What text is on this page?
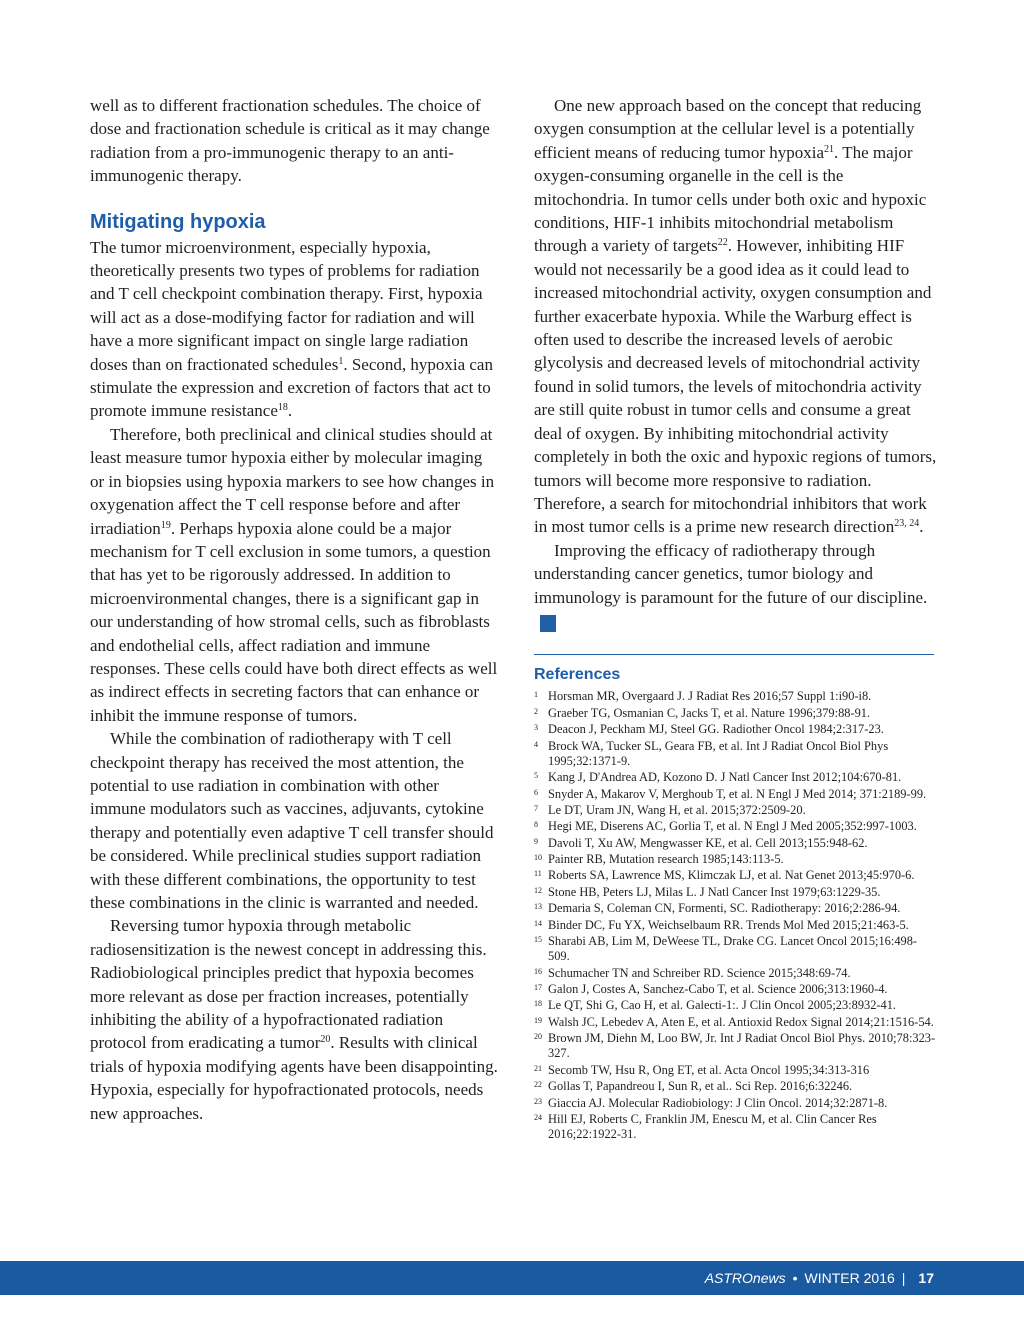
well as to different fractionation schedules. The choice of dose and fractionation schedule is critical as it may change radiation from a pro-immunogenic therapy to an anti-immunogenic therapy.

Mitigating hypoxia

The tumor microenvironment, especially hypoxia, theoretically presents two types of problems for radiation and T cell checkpoint combination therapy. First, hypoxia will act as a dose-modifying factor for radiation and will have a more significant impact on single large radiation doses than on fractionated schedules$^1$. Second, hypoxia can stimulate the expression and excretion of factors that act to promote immune resistance$^{18}$.

Therefore, both preclinical and clinical studies should at least measure tumor hypoxia either by molecular imaging or in biopsies using hypoxia markers to see how changes in oxygenation affect the T cell response before and after irradiation$^{19}$. Perhaps hypoxia alone could be a major mechanism for T cell exclusion in some tumors, a question that has yet to be rigorously addressed. In addition to microenvironmental changes, there is a significant gap in our understanding of how stromal cells, such as fibroblasts and endothelial cells, affect radiation and immune responses. These cells could have both direct effects as well as indirect effects in secreting factors that can enhance or inhibit the immune response of tumors.

While the combination of radiotherapy with T cell checkpoint therapy has received the most attention, the potential to use radiation in combination with other immune modulators such as vaccines, adjuvants, cytokine therapy and potentially even adaptive T cell transfer should be considered. While preclinical studies support radiation with these different combinations, the opportunity to test these combinations in the clinic is warranted and needed.

Reversing tumor hypoxia through metabolic radiosensitization is the newest concept in addressing this. Radiobiological principles predict that hypoxia becomes more relevant as dose per fraction increases, potentially inhibiting the ability of a hypofractionated radiation protocol from eradicating a tumor$^{20}$. Results with clinical trials of hypoxia modifying agents have been disappointing. Hypoxia, especially for hypofractionated protocols, needs new approaches.

One new approach based on the concept that reducing oxygen consumption at the cellular level is a potentially efficient means of reducing tumor hypoxia$^{21}$. The major oxygen-consuming organelle in the cell is the mitochondria. In tumor cells under both oxic and hypoxic conditions, HIF-1 inhibits mitochondrial metabolism through a variety of targets$^{22}$. However, inhibiting HIF would not necessarily be a good idea as it could lead to increased mitochondrial activity, oxygen consumption and further exacerbate hypoxia. While the Warburg effect is often used to describe the increased levels of aerobic glycolysis and decreased levels of mitochondrial activity found in solid tumors, the levels of mitochondria activity are still quite robust in tumor cells and consume a great deal of oxygen. By inhibiting mitochondrial activity completely in both the oxic and hypoxic regions of tumors, tumors will become more responsive to radiation. Therefore, a search for mitochondrial inhibitors that work in most tumor cells is a prime new research direction$^{23, 24}$.

Improving the efficacy of radiotherapy through understanding cancer genetics, tumor biology and immunology is paramount for the future of our discipline.A

References
1 Horsman MR, Overgaard J. J Radiat Res 2016;57 Suppl 1:i90-i8.
2 Graeber TG, Osmanian C, Jacks T, et al. Nature 1996;379:88-91.
3 Deacon J, Peckham MJ, Steel GG. Radiother Oncol 1984;2:317-23.
4 Brock WA, Tucker SL, Geara FB, et al. Int J Radiat Oncol Biol Phys 1995;32:1371-9.
5 Kang J, D'Andrea AD, Kozono D. J Natl Cancer Inst 2012;104:670-81.
6 Snyder A, Makarov V, Merghoub T, et al. N Engl J Med 2014; 371:2189-99.
7 Le DT, Uram JN, Wang H, et al. 2015;372:2509-20.
8 Hegi ME, Diserens AC, Gorlia T, et al. N Engl J Med 2005;352:997-1003.
9 Davoli T, Xu AW, Mengwasser KE, et al. Cell 2013;155:948-62.
10 Painter RB, Mutation research 1985;143:113-5.
11 Roberts SA, Lawrence MS, Klimczak LJ, et al. Nat Genet 2013;45:970-6.
12 Stone HB, Peters LJ, Milas L. J Natl Cancer Inst 1979;63:1229-35.
13 Demaria S, Coleman CN, Formenti, SC. Radiotherapy: 2016;2:286-94.
14 Binder DC, Fu YX, Weichselbaum RR. Trends Mol Med 2015;21:463-5.
15 Sharabi AB, Lim M, DeWeese TL, Drake CG. Lancet Oncol 2015;16:498-509.
16 Schumacher TN and Schreiber RD. Science 2015;348:69-74.
17 Galon J, Costes A, Sanchez-Cabo T, et al. Science 2006;313:1960-4.
18 Le QT, Shi G, Cao H, et al. Galecti-1:. J Clin Oncol 2005;23:8932-41.
19 Walsh JC, Lebedev A, Aten E, et al. Antioxid Redox Signal 2014;21:1516-54.
20 Brown JM, Diehn M, Loo BW, Jr. Int J Radiat Oncol Biol Phys. 2010;78:323-327.
21 Secomb TW, Hsu R, Ong ET, et al. Acta Oncol 1995;34:313-316
22 Gollas T, Papandreou I, Sun R, et al.. Sci Rep. 2016;6:32246.
23 Giaccia AJ. Molecular Radiobiology: J Clin Oncol. 2014;32:2871-8.
24 Hill EJ, Roberts C, Franklin JM, Enescu M, et al. Clin Cancer Res 2016;22:1922-31.
ASTROnews • WINTER 2016 | 17
